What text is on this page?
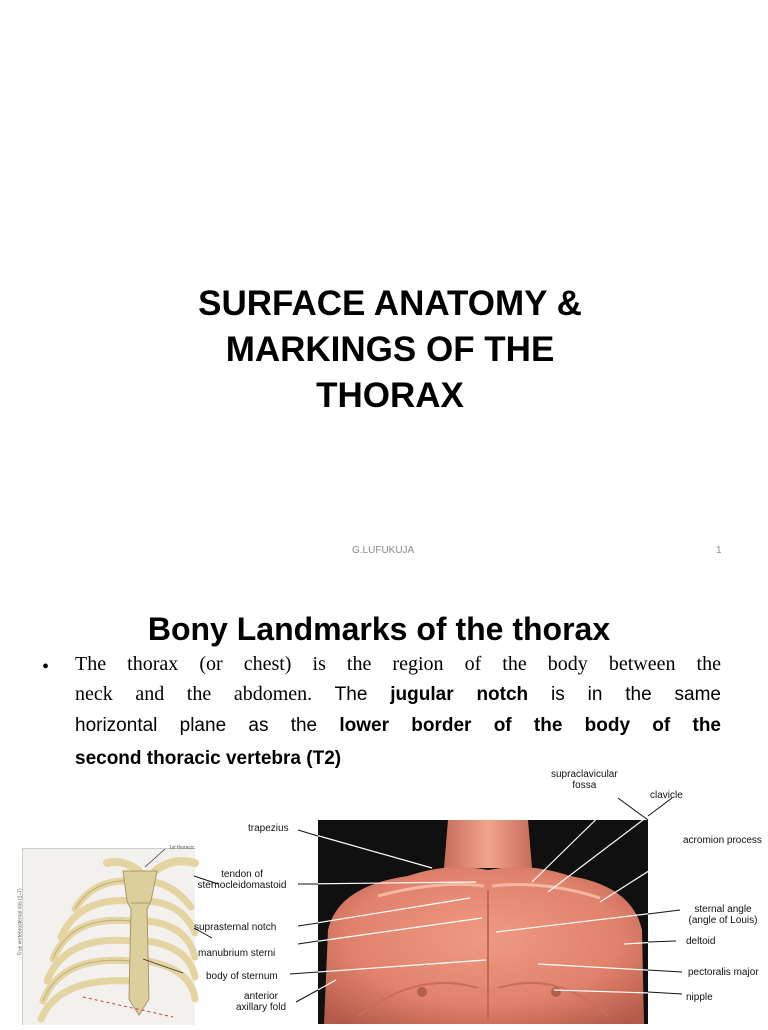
SURFACE ANATOMY &
MARKINGS OF THE
THORAX
G.LUFUKUJA	1
Bony Landmarks of the thorax
• The thorax (or chest) is the region of the body between the
neck and the abdomen. The jugular notch is in the same
horizontal plane as the lower border of the body of the
second thoracic vertebra (T2)
1st thoracic
True vertebrosternal ribs (1–7)
supraclavicular
fossa
clavicle
acromion process
trapezius
tendon of
sternocleidomastoid
suprasternal notch
sternal angle
(angle of Louis)
manubrium sterni
deltoid
body of sternum	pectoralis major
anterior
axillary fold
nipple
